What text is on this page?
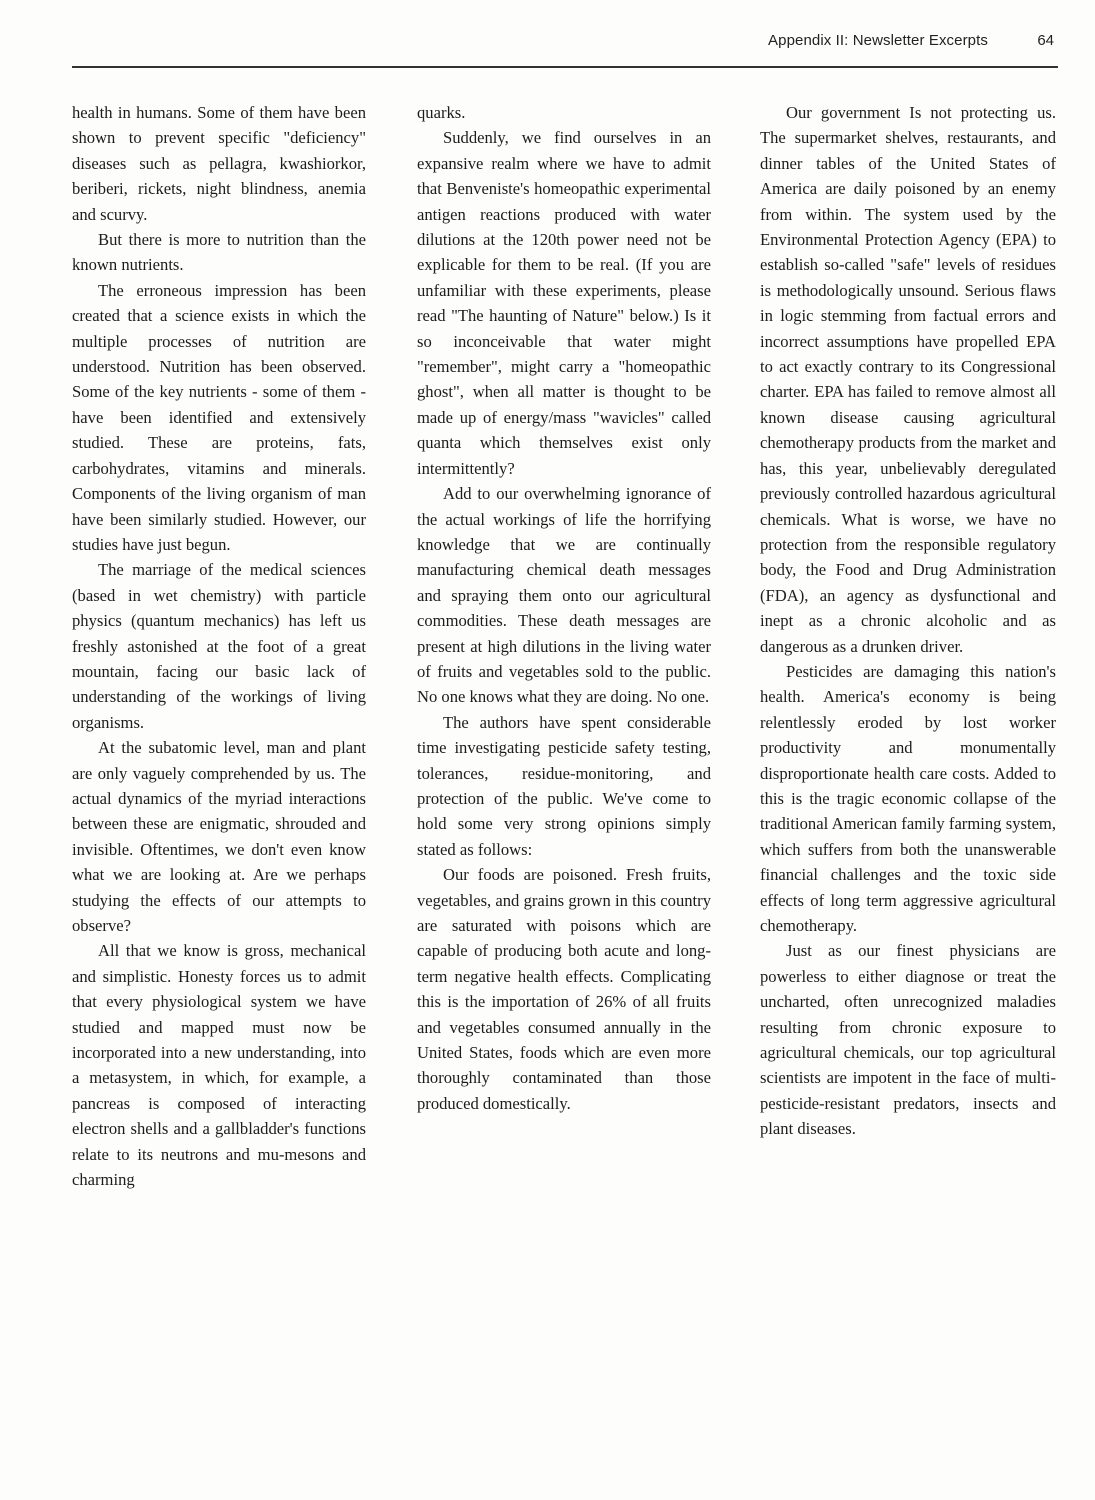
Appendix II: Newsletter Excerpts	64

health in humans. Some of them have been shown to prevent specific "deficiency" diseases such as pellagra, kwashiorkor, beriberi, rickets, night blindness, anemia and scurvy.

But there is more to nutrition than the known nutrients.

The erroneous impression has been created that a science exists in which the multiple processes of nutrition are understood. Nutrition has been observed. Some of the key nutrients - some of them - have been identified and extensively studied. These are proteins, fats, carbohydrates, vitamins and minerals. Components of the living organism of man have been similarly studied. However, our studies have just begun.

The marriage of the medical sciences (based in wet chemistry) with particle physics (quantum mechanics) has left us freshly astonished at the foot of a great mountain, facing our basic lack of understanding of the workings of living organisms.

At the subatomic level, man and plant are only vaguely comprehended by us. The actual dynamics of the myriad interactions between these are enigmatic, shrouded and invisible. Oftentimes, we don't even know what we are looking at. Are we perhaps studying the effects of our attempts to observe?

All that we know is gross, mechanical and simplistic. Honesty forces us to admit that every physiological system we have studied and mapped must now be incorporated into a new understanding, into a metasystem, in which, for example, a pancreas is composed of interacting electron shells and a gallbladder's functions relate to its neutrons and mu-mesons and charming

quarks.

Suddenly, we find ourselves in an expansive realm where we have to admit that Benveniste's homeopathic experimental antigen reactions produced with water dilutions at the 120th power need not be explicable for them to be real. (If you are unfamiliar with these experiments, please read "The haunting of Nature" below.) Is it so inconceivable that water might "remember", might carry a "homeopathic ghost", when all matter is thought to be made up of energy/mass "wavicles" called quanta which themselves exist only intermittently?

Add to our overwhelming ignorance of the actual workings of life the horrifying knowledge that we are continually manufacturing chemical death messages and spraying them onto our agricultural commodities. These death messages are present at high dilutions in the living water of fruits and vegetables sold to the public. No one knows what they are doing. No one.

The authors have spent considerable time investigating pesticide safety testing, tolerances, residue-monitoring, and protection of the public. We've come to hold some very strong opinions simply stated as follows:

Our foods are poisoned. Fresh fruits, vegetables, and grains grown in this country are saturated with poisons which are capable of producing both acute and long-term negative health effects. Complicating this is the importation of 26% of all fruits and vegetables consumed annually in the United States, foods which are even more thoroughly contaminated than those produced domestically.

Our government Is not protecting us. The supermarket shelves, restaurants, and dinner tables of the United States of America are daily poisoned by an enemy from within. The system used by the Environmental Protection Agency (EPA) to establish so-called "safe" levels of residues is methodologically unsound. Serious flaws in logic stemming from factual errors and incorrect assumptions have propelled EPA to act exactly contrary to its Congressional charter. EPA has failed to remove almost all known disease causing agricultural chemotherapy products from the market and has, this year, unbelievably deregulated previously controlled hazardous agricultural chemicals. What is worse, we have no protection from the responsible regulatory body, the Food and Drug Administration (FDA), an agency as dysfunctional and inept as a chronic alcoholic and as dangerous as a drunken driver.

Pesticides are damaging this nation's health. America's economy is being relentlessly eroded by lost worker productivity and monumentally disproportionate health care costs. Added to this is the tragic economic collapse of the traditional American family farming system, which suffers from both the unanswerable financial challenges and the toxic side effects of long term aggressive agricultural chemotherapy.

Just as our finest physicians are powerless to either diagnose or treat the uncharted, often unrecognized maladies resulting from chronic exposure to agricultural chemicals, our top agricultural scientists are impotent in the face of multi-pesticide-resistant predators, insects and plant diseases.
